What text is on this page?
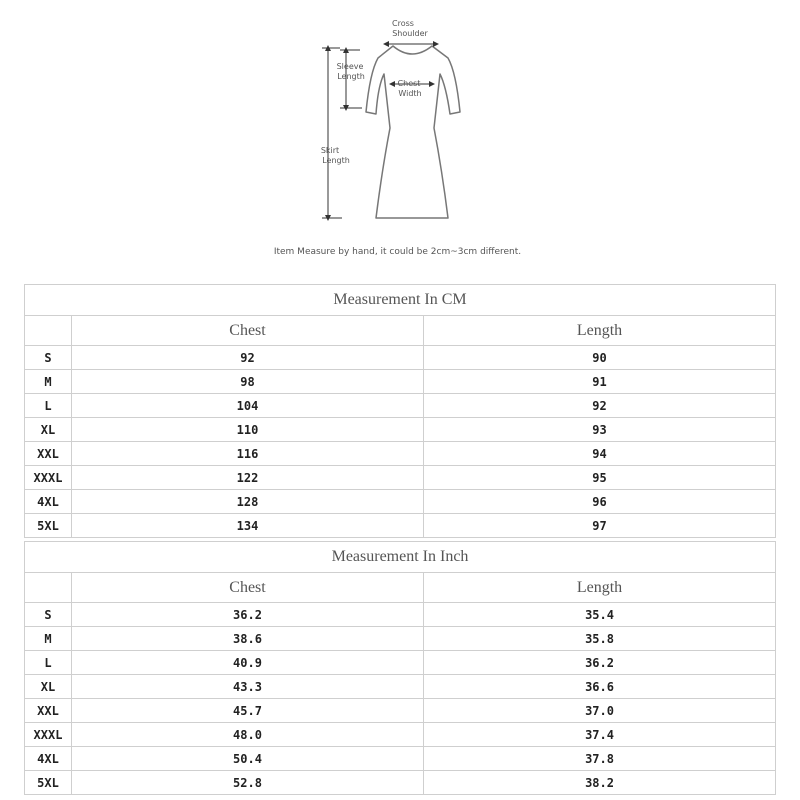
Cross
Shoulder
Sleeve
Length
Chest
Width
Skirt
Length
Item Measure by hand, it could be 2cm~3cm different.
Measurement In CM		
	Chest	Length
S	92	90
M	98	91
L	104	92
XL	110	93
XXL	116	94
XXXL	122	95
4XL	128	96
5XL	134	97
Measurement In Inch		
	Chest	Length
S	36.2	35.4
M	38.6	35.8
L	40.9	36.2
XL	43.3	36.6
XXL	45.7	37.0
XXXL	48.0	37.4
4XL	50.4	37.8
5XL	52.8	38.2
